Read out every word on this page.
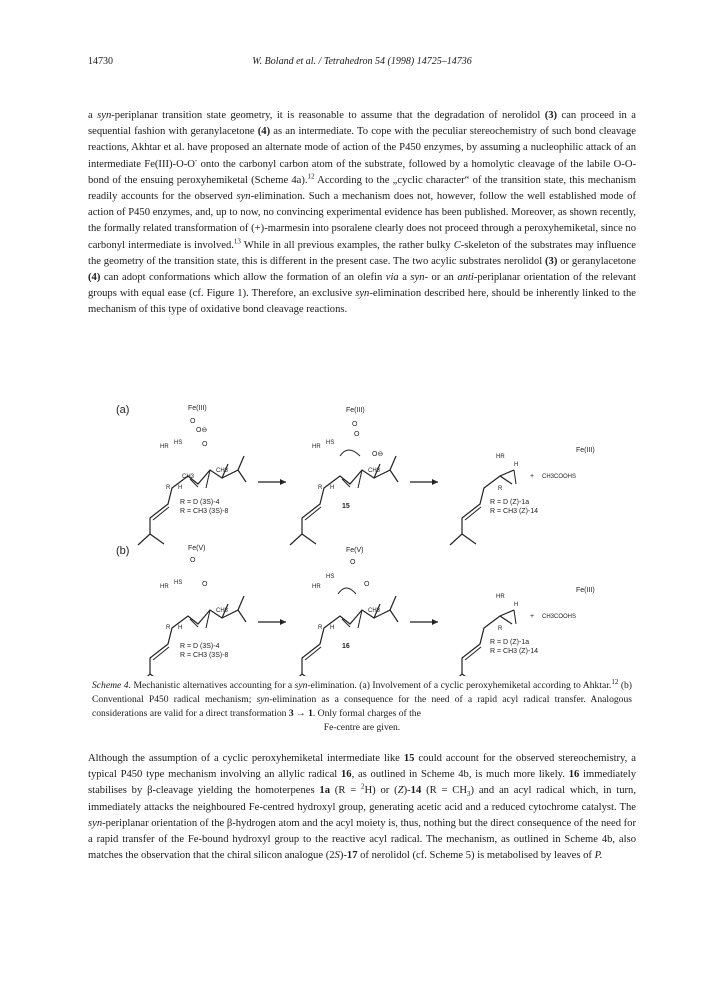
14730	W. Boland et al. / Tetrahedron 54 (1998) 14725–14736
a syn-periplanar transition state geometry, it is reasonable to assume that the degradation of nerolidol (3) can proceed in a sequential fashion with geranylacetone (4) as an intermediate. To cope with the peculiar stereochemistry of such bond cleavage reactions, Akhtar et al. have proposed an alternate mode of action of the P450 enzymes, by assuming a nucleophilic attack of an intermediate Fe(III)-O-O- onto the carbonyl carbon atom of the substrate, followed by a homolytic cleavage of the labile O-O-bond of the ensuing peroxyhemiketal (Scheme 4a).$^{12}$ According to the „cyclic character“ of the transition state, this mechanism readily accounts for the observed syn-elimination. Such a mechanism does not, however, follow the well established mode of action of P450 enzymes, and, up to now, no convincing experimental evidence has been published. Moreover, as shown recently, the formally related transformation of (+)-marmesin into psoralene clearly does not proceed through a peroxyhemiketal, since no carbonyl intermediate is involved.$^{13}$ While in all previous examples, the rather bulky C-skeleton of the substrates may influence the geometry of the transition state, this is different in the present case. The two acylic substrates nerolidol (3) or geranylacetone (4) can adopt conformations which allow the formation of an olefin via a syn- or an anti-periplanar orientation of the relevant groups with equal ease (cf. Figure 1). Therefore, an exclusive syn-elimination described here, should be inherently linked to the mechanism of this type of oxidative bond cleavage reactions.
(a)	Fe(III)
O
O⊖
HR
HS	O
CH3
CH3
R H
R = D (3S)-4
R = CH3 (3S)-8
Fe(III)
O
O
HR
HS
O⊖
CH3
R H
15
HR
H
R
+ CH3COOHS
Fe(III)
R = D (Z)-1a
R = CH3 (Z)-14
(b)	Fe(V)
O
HR
HS	O
CH3
R H
R = D (3S)-4
R = CH3 (3S)-8
Fe(V)
O
HR
HS
O
CH3
R H
16
HR
H
R
+ CH3COOHS
Fe(III)
R = D (Z)-1a
R = CH3 (Z)-14
Scheme 4. Mechanistic alternatives accounting for a syn-elimination. (a) Involvement of a cyclic peroxyhemiketal according to Ahktar.$^{12}$ (b) Conventional P450 radical mechanism; syn-elimination as a consequence for the need of a rapid acyl radical transfer. Analogous considerations are valid for a direct transformation 3 → 1. Only formal charges of the
Fe-centre are given.
Although the assumption of a cyclic peroxyhemiketal intermediate like 15 could account for the observed stereochemistry, a typical P450 type mechanism involving an allylic radical 16, as outlined in Scheme 4b, is much more likely. 16 immediately stabilises by β-cleavage yielding the homoterpenes 1a (R = $^2$H) or (Z)-14 $(R = CH_3)$ and an acyl radical which, in turn, immediately attacks the neighboured Fe-centred hydroxyl group, generating acetic acid and a reduced cytochrome catalyst. The syn-periplanar orientation of the β-hydrogen atom and the acyl moiety is, thus, nothing but the direct consequence of the need for a rapid transfer of the Fe-bound hydroxyl group to the reactive acyl radical. The mechanism, as outlined in Scheme 4b, also matches the observation that the chiral silicon analogue (2S)-17 of nerolidol (cf. Scheme 5) is metabolised by leaves of P.
